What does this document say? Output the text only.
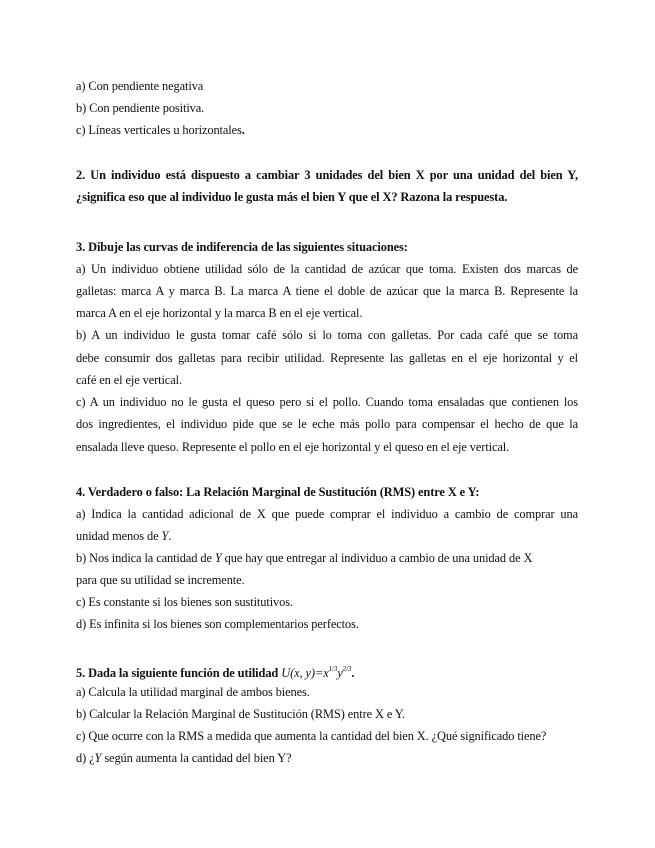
a) Con pendiente negativa
b) Con pendiente positiva.
c) Líneas verticales u horizontales.
2. Un individuo está dispuesto a cambiar 3 unidades del bien X por una unidad del bien Y,
¿significa eso que al individuo le gusta más el bien Y que el X? Razona la respuesta.
3. Dibuje las curvas de indiferencia de las siguientes situaciones:
a) Un individuo obtiene utilidad sólo de la cantidad de azúcar que toma. Existen dos marcas de
galletas: marca A y marca B. La marca A tiene el doble de azúcar que la marca B. Represente la
marca A en el eje horizontal y la marca B en el eje vertical.
b) A un individuo le gusta tomar café sólo si lo toma con galletas. Por cada café que se toma
debe consumir dos galletas para recibir utilidad. Represente las galletas en el eje horizontal y el
café en el eje vertical.
c) A un individuo no le gusta el queso pero si el pollo. Cuando toma ensaladas que contienen los
dos ingredientes, el individuo pide que se le eche más pollo para compensar el hecho de que la
ensalada lleve queso. Represente el pollo en el eje horizontal y el queso en el eje vertical.
4. Verdadero o falso: La Relación Marginal de Sustitución (RMS) entre X e Y:
a) Indica la cantidad adicional de X que puede comprar el individuo a cambio de comprar una
unidad menos de Y.
b) Nos indica la cantidad de Y que hay que entregar al individuo a cambio de una unidad de X
para que su utilidad se incremente.
c) Es constante si los bienes son sustitutivos.
d) Es infinita si los bienes son complementarios perfectos.
5. Dada la siguiente función de utilidad U(x, $y)=x^{1/3}y^{2/3}$.
a) Calcula la utilidad marginal de ambos bienes.
b) Calcular la Relación Marginal de Sustitución (RMS) entre X e Y.
c) Que ocurre con la RMS a medida que aumenta la cantidad del bien X. ¿Qué significado tiene?
d) ¿Y según aumenta la cantidad del bien Y?
